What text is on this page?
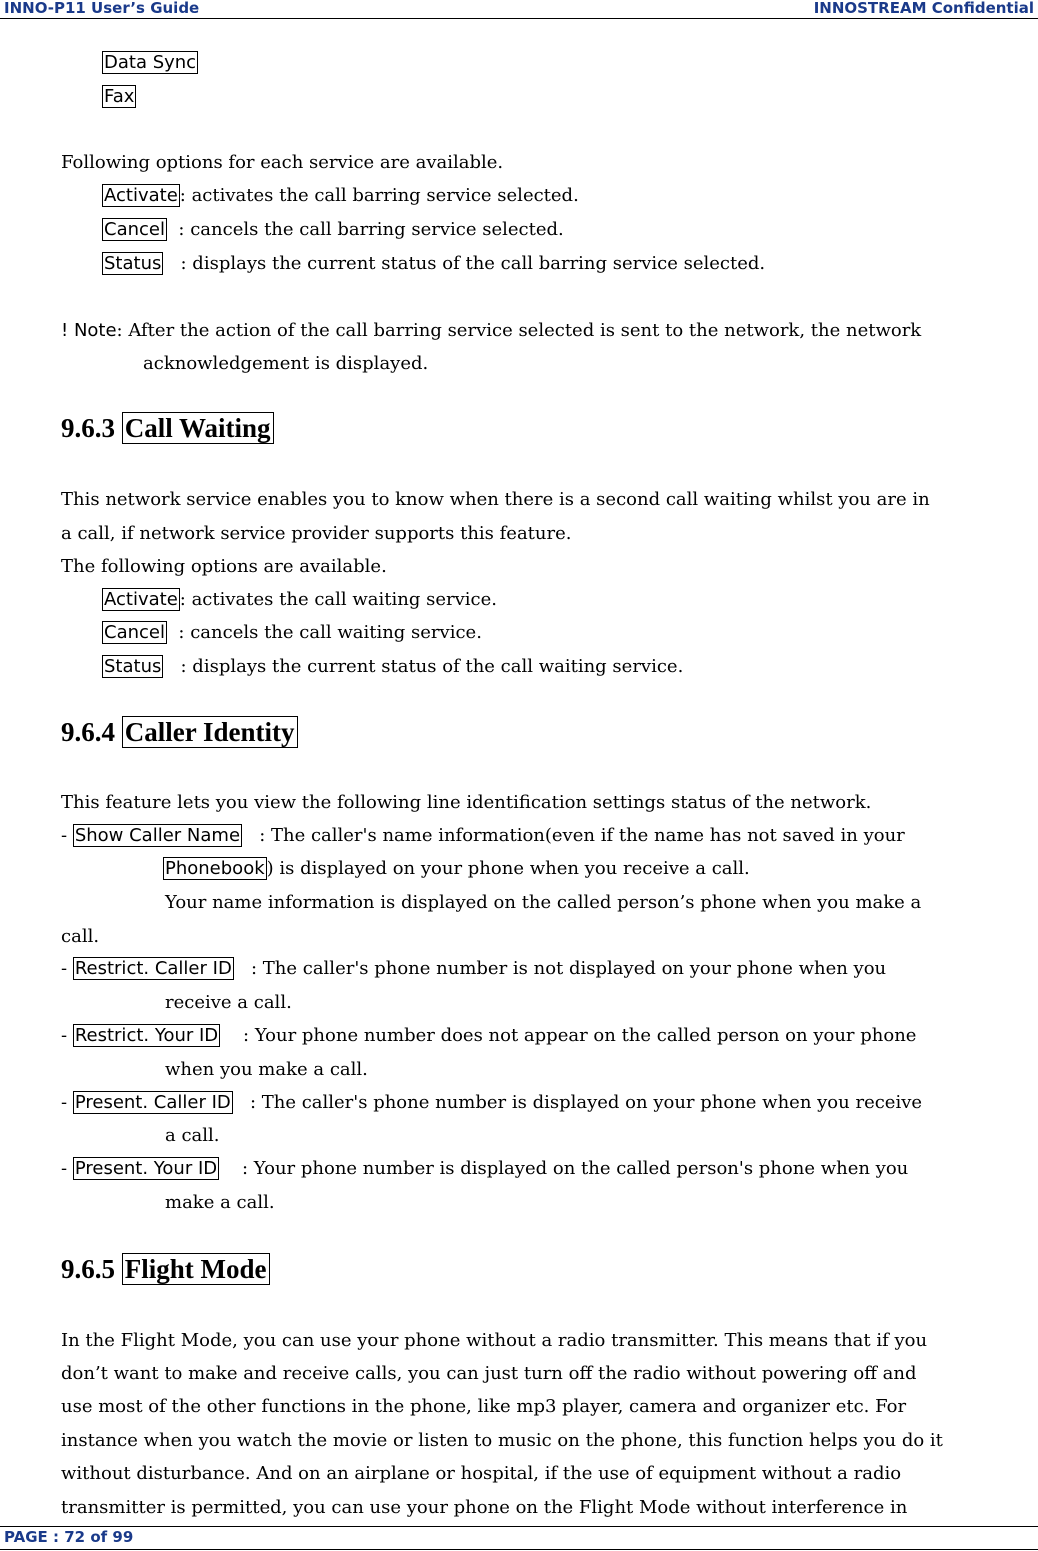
INNO-P11 User’s Guide	INNOSTREAM Confidential
Data Sync
Fax
Following options for each service are available.
Activate : activates the call barring service selected.
Cancel  : cancels the call barring service selected.
Status   : displays the current status of the call barring service selected.
! Note: After the action of the call barring service selected is sent to the network, the network
acknowledgement is displayed.
9.6.3 Call Waiting
This network service enables you to know when there is a second call waiting whilst you are in
a call, if network service provider supports this feature.
The following options are available.
Activate : activates the call waiting service.
Cancel  : cancels the call waiting service.
Status   : displays the current status of the call waiting service.
9.6.4 Caller Identity
This feature lets you view the following line identification settings status of the network.
- Show Caller Name   : The caller's name information(even if the name has not saved in your
Phonebook ) is displayed on your phone when you receive a call.
Your name information is displayed on the called person’s phone when you make a
call.
- Restrict. Caller ID   : The caller's phone number is not displayed on your phone when you
receive a call.
- Restrict. Your ID    : Your phone number does not appear on the called person on your phone
when you make a call.
- Present. Caller ID   : The caller's phone number is displayed on your phone when you receive
a call.
- Present. Your ID    : Your phone number is displayed on the called person's phone when you
make a call.
9.6.5 Flight Mode
In the Flight Mode, you can use your phone without a radio transmitter. This means that if you
don’t want to make and receive calls, you can just turn off the radio without powering off and
use most of the other functions in the phone, like mp3 player, camera and organizer etc. For
instance when you watch the movie or listen to music on the phone, this function helps you do it
without disturbance. And on an airplane or hospital, if the use of equipment without a radio
transmitter is permitted, you can use your phone on the Flight Mode without interference in
PAGE : 72 of 99
